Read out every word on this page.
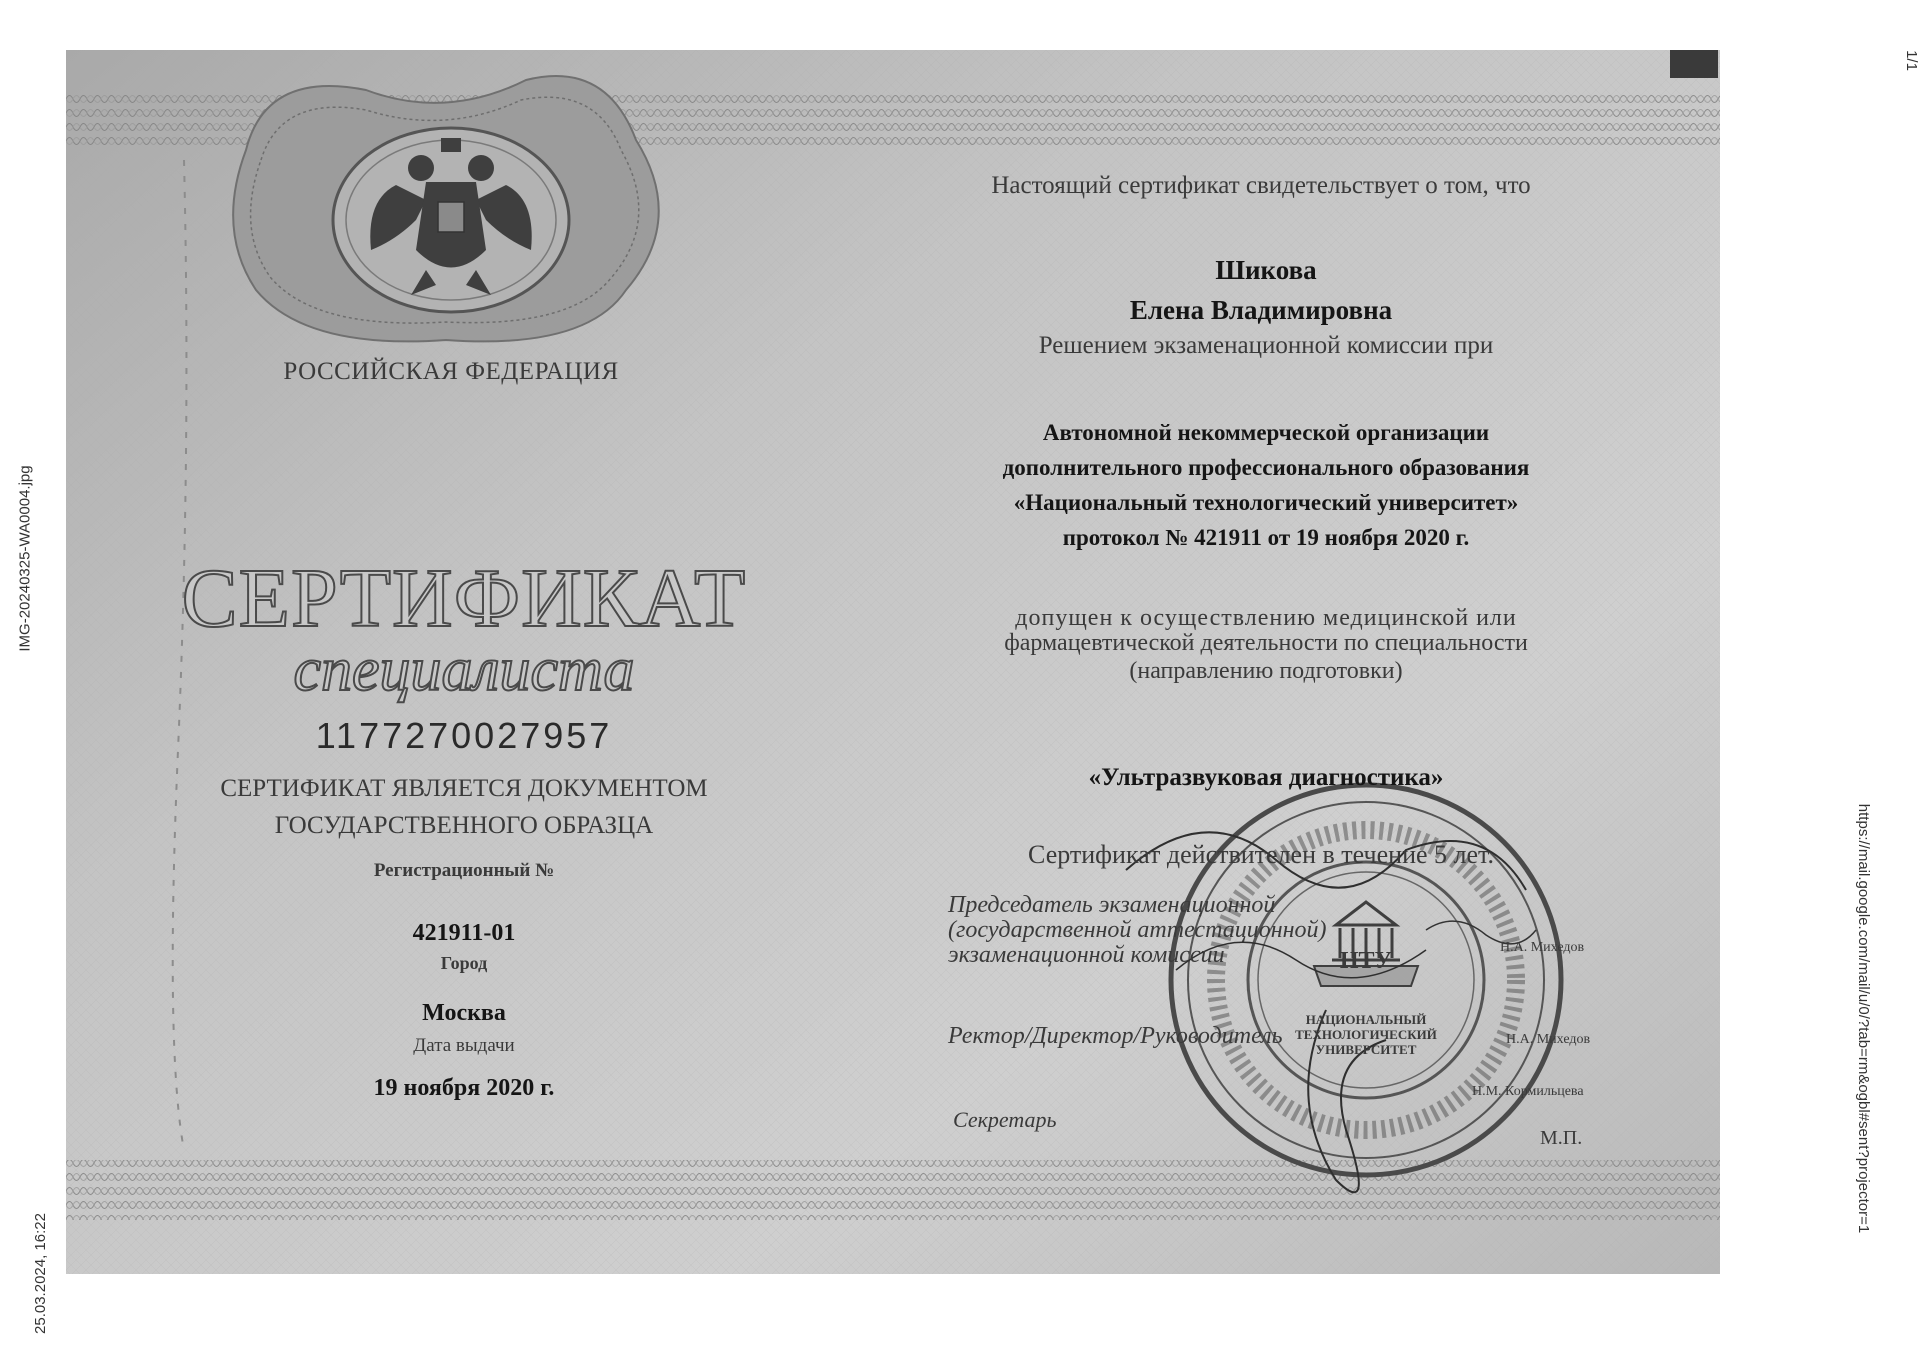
25.03.2024, 16:22
IMG-20240325-WA0004.jpg
1/1
https://mail.google.com/mail/u/0/?tab=rm&ogbl#sent?projector=1
НТУ
НАЦИОНАЛЬНЫЙ
ТЕХНОЛОГИЧЕСКИЙ
УНИВЕРСИТЕТ
РОССИЙСКАЯ ФЕДЕРАЦИЯ
СЕРТИФИКАТ
специалиста
1177270027957
СЕРТИФИКАТ ЯВЛЯЕТСЯ ДОКУМЕНТОМ
ГОСУДАРСТВЕННОГО ОБРАЗЦА
Регистрационный №
421911-01
Город
Москва
Дата выдачи
19 ноября 2020 г.
Настоящий сертификат свидетельствует о том, что
Шикова
Елена Владимировна
Решением экзаменационной комиссии при
Автономной некоммерческой организации
дополнительного профессионального образования
«Национальный технологический университет»
протокол № 421911 от 19 ноября 2020 г.
допущен к осуществлению медицинской или
фармацевтической деятельности по специальности
(направлению подготовки)
«Ультразвуковая диагностика»
Сертификат действителен в течение 5 лет.
Председатель экзаменационной
(государственной аттестационной)
экзаменационной комиссии	Н.А. Михедов
Ректор/Директор/Руководитель	Н.А. Михедов
Н.М. Кормильцева
Секретарь
М.П.
